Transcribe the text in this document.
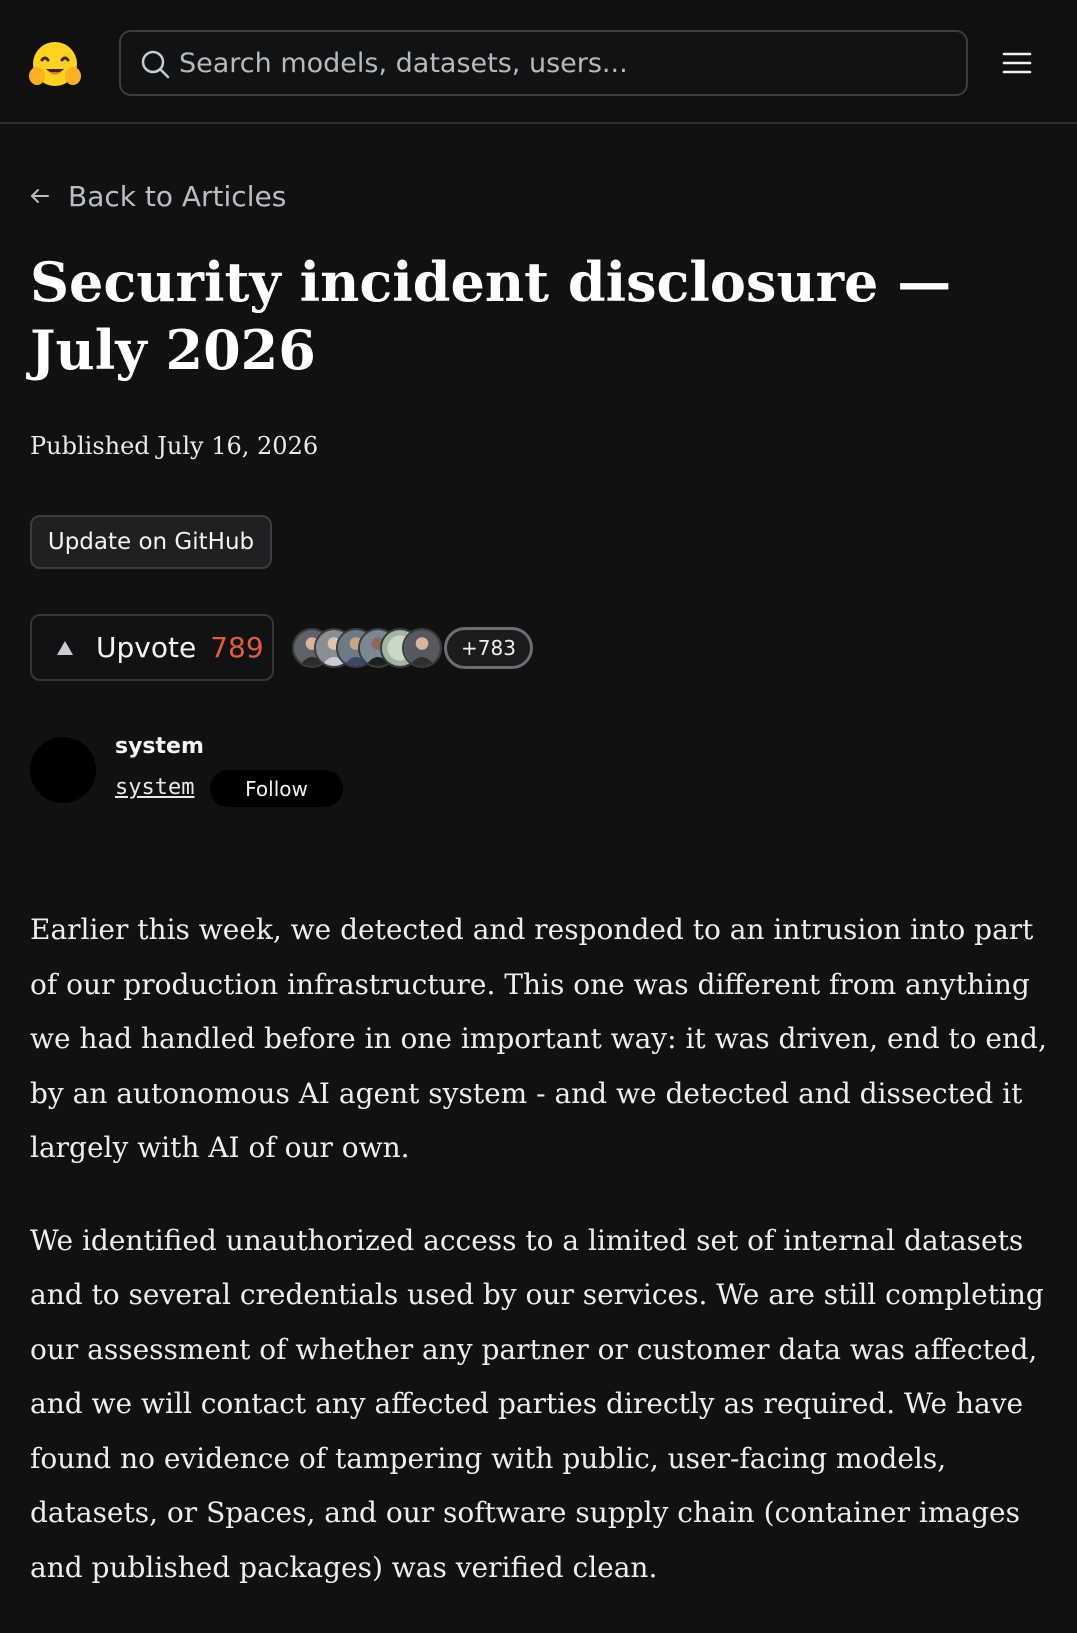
Search models, datasets, users...
Back to Articles
Security incident disclosure — July 2026
Published July 16, 2026
Update on GitHub
Upvote 789	+783
system
system	Follow

Earlier this week, we detected and responded to an intrusion into part of our production infrastructure. This one was different from anything we had handled before in one important way: it was driven, end to end, by an autonomous AI agent system - and we detected and dissected it largely with AI of our own.

We identified unauthorized access to a limited set of internal datasets and to several credentials used by our services. We are still completing our assessment of whether any partner or customer data was affected, and we will contact any affected parties directly as required. We have found no evidence of tampering with public, user-facing models, datasets, or Spaces, and our software supply chain (container images and published packages) was verified clean.
